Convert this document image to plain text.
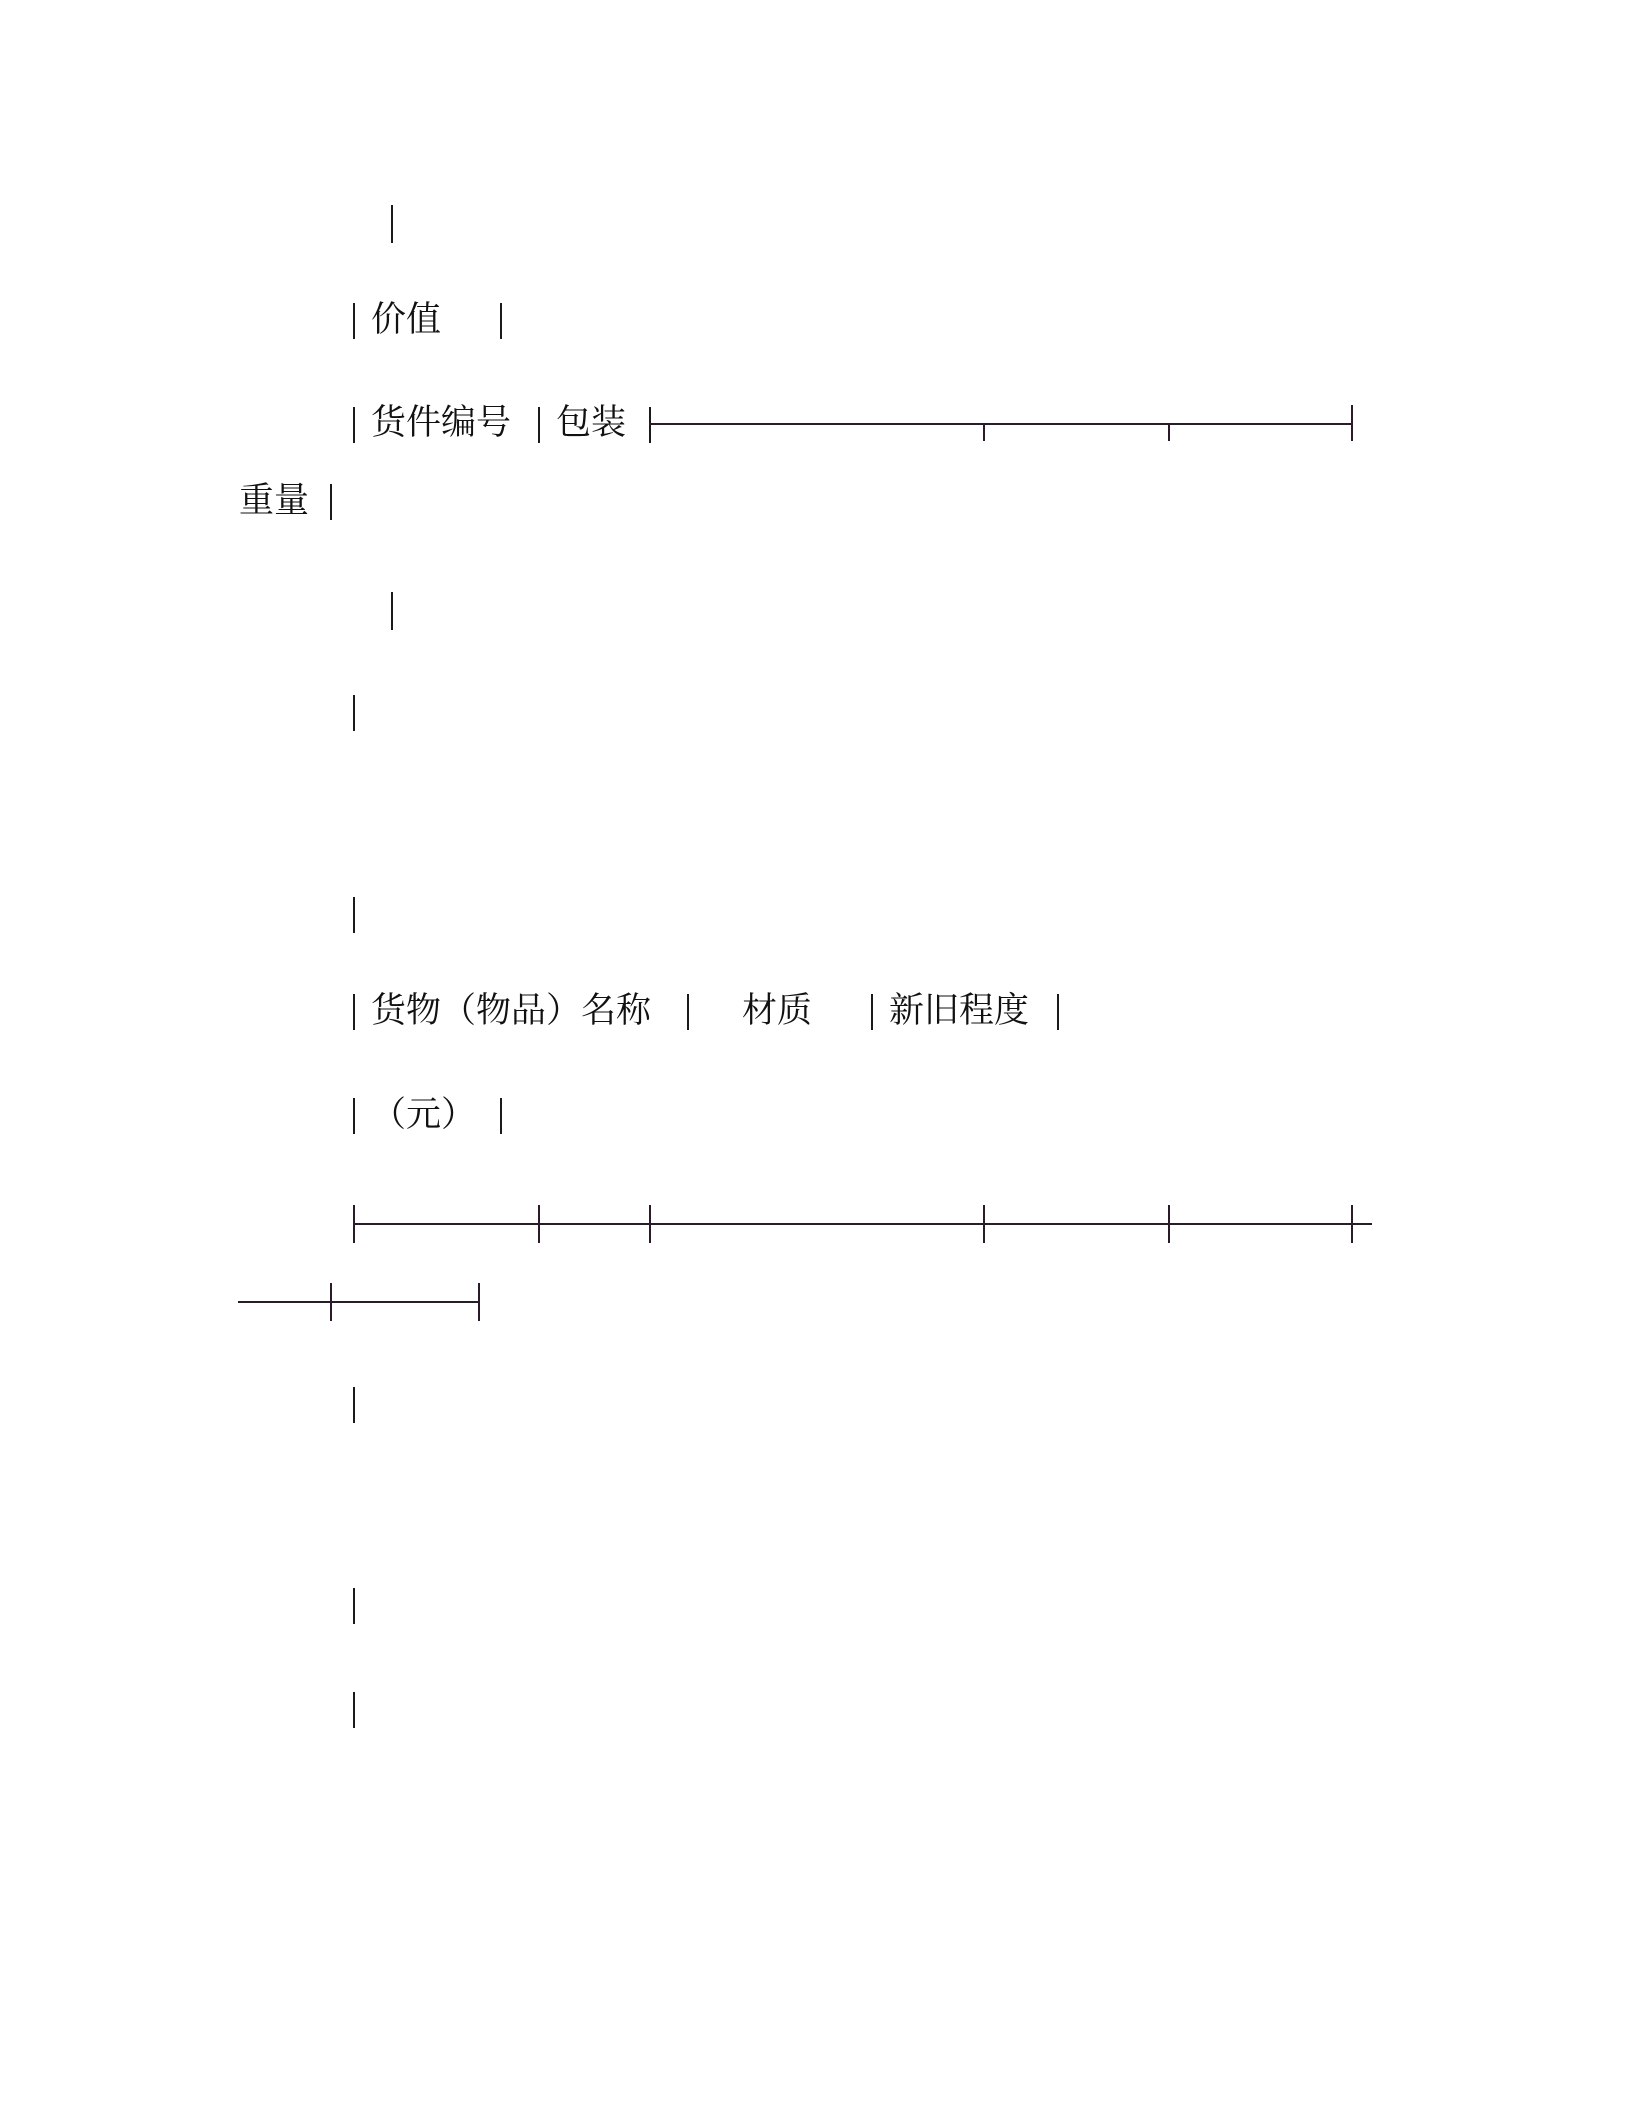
价值
货件编号 包装
重量
货物（物品）名称	材质 新旧程度
（元）
